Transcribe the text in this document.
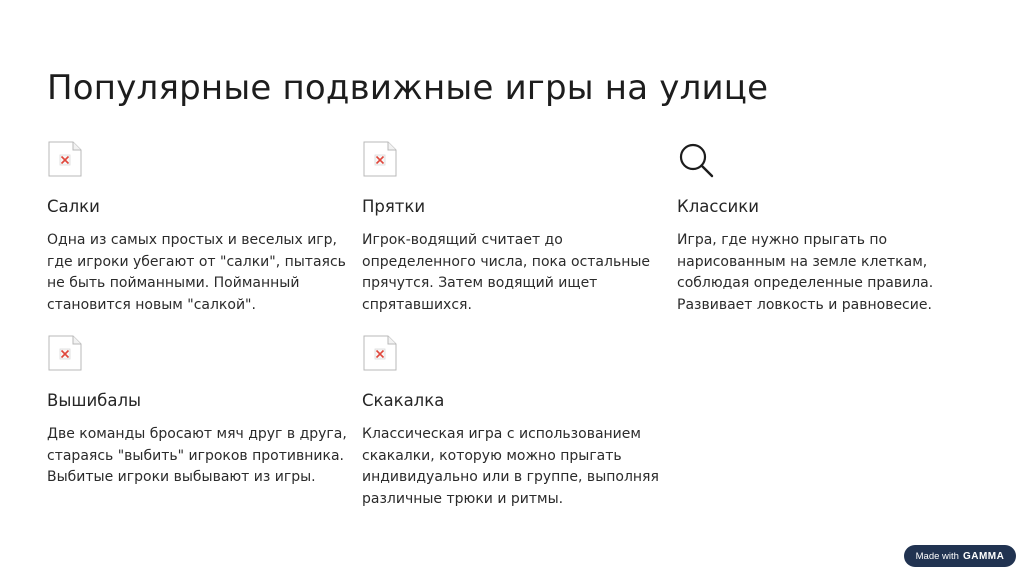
Популярные подвижные игры на улице
Салки

Одна из самых простых и веселых игр,
где игроки убегают от "салки", пытаясь
не быть пойманными. Пойманный
становится новым "салкой".

Прятки

Игрок-водящий считает до
определенного числа, пока остальные
прячутся. Затем водящий ищет
спрятавшихся.

Классики

Игра, где нужно прыгать по
нарисованным на земле клеткам,
соблюдая определенные правила.
Развивает ловкость и равновесие.

Вышибалы

Две команды бросают мяч друг в друга,
стараясь "выбить" игроков противника.
Выбитые игроки выбывают из игры.

Скакалка

Классическая игра с использованием
скакалки, которую можно прыгать
индивидуально или в группе, выполняя
различные трюки и ритмы.

Made with GAMMA
